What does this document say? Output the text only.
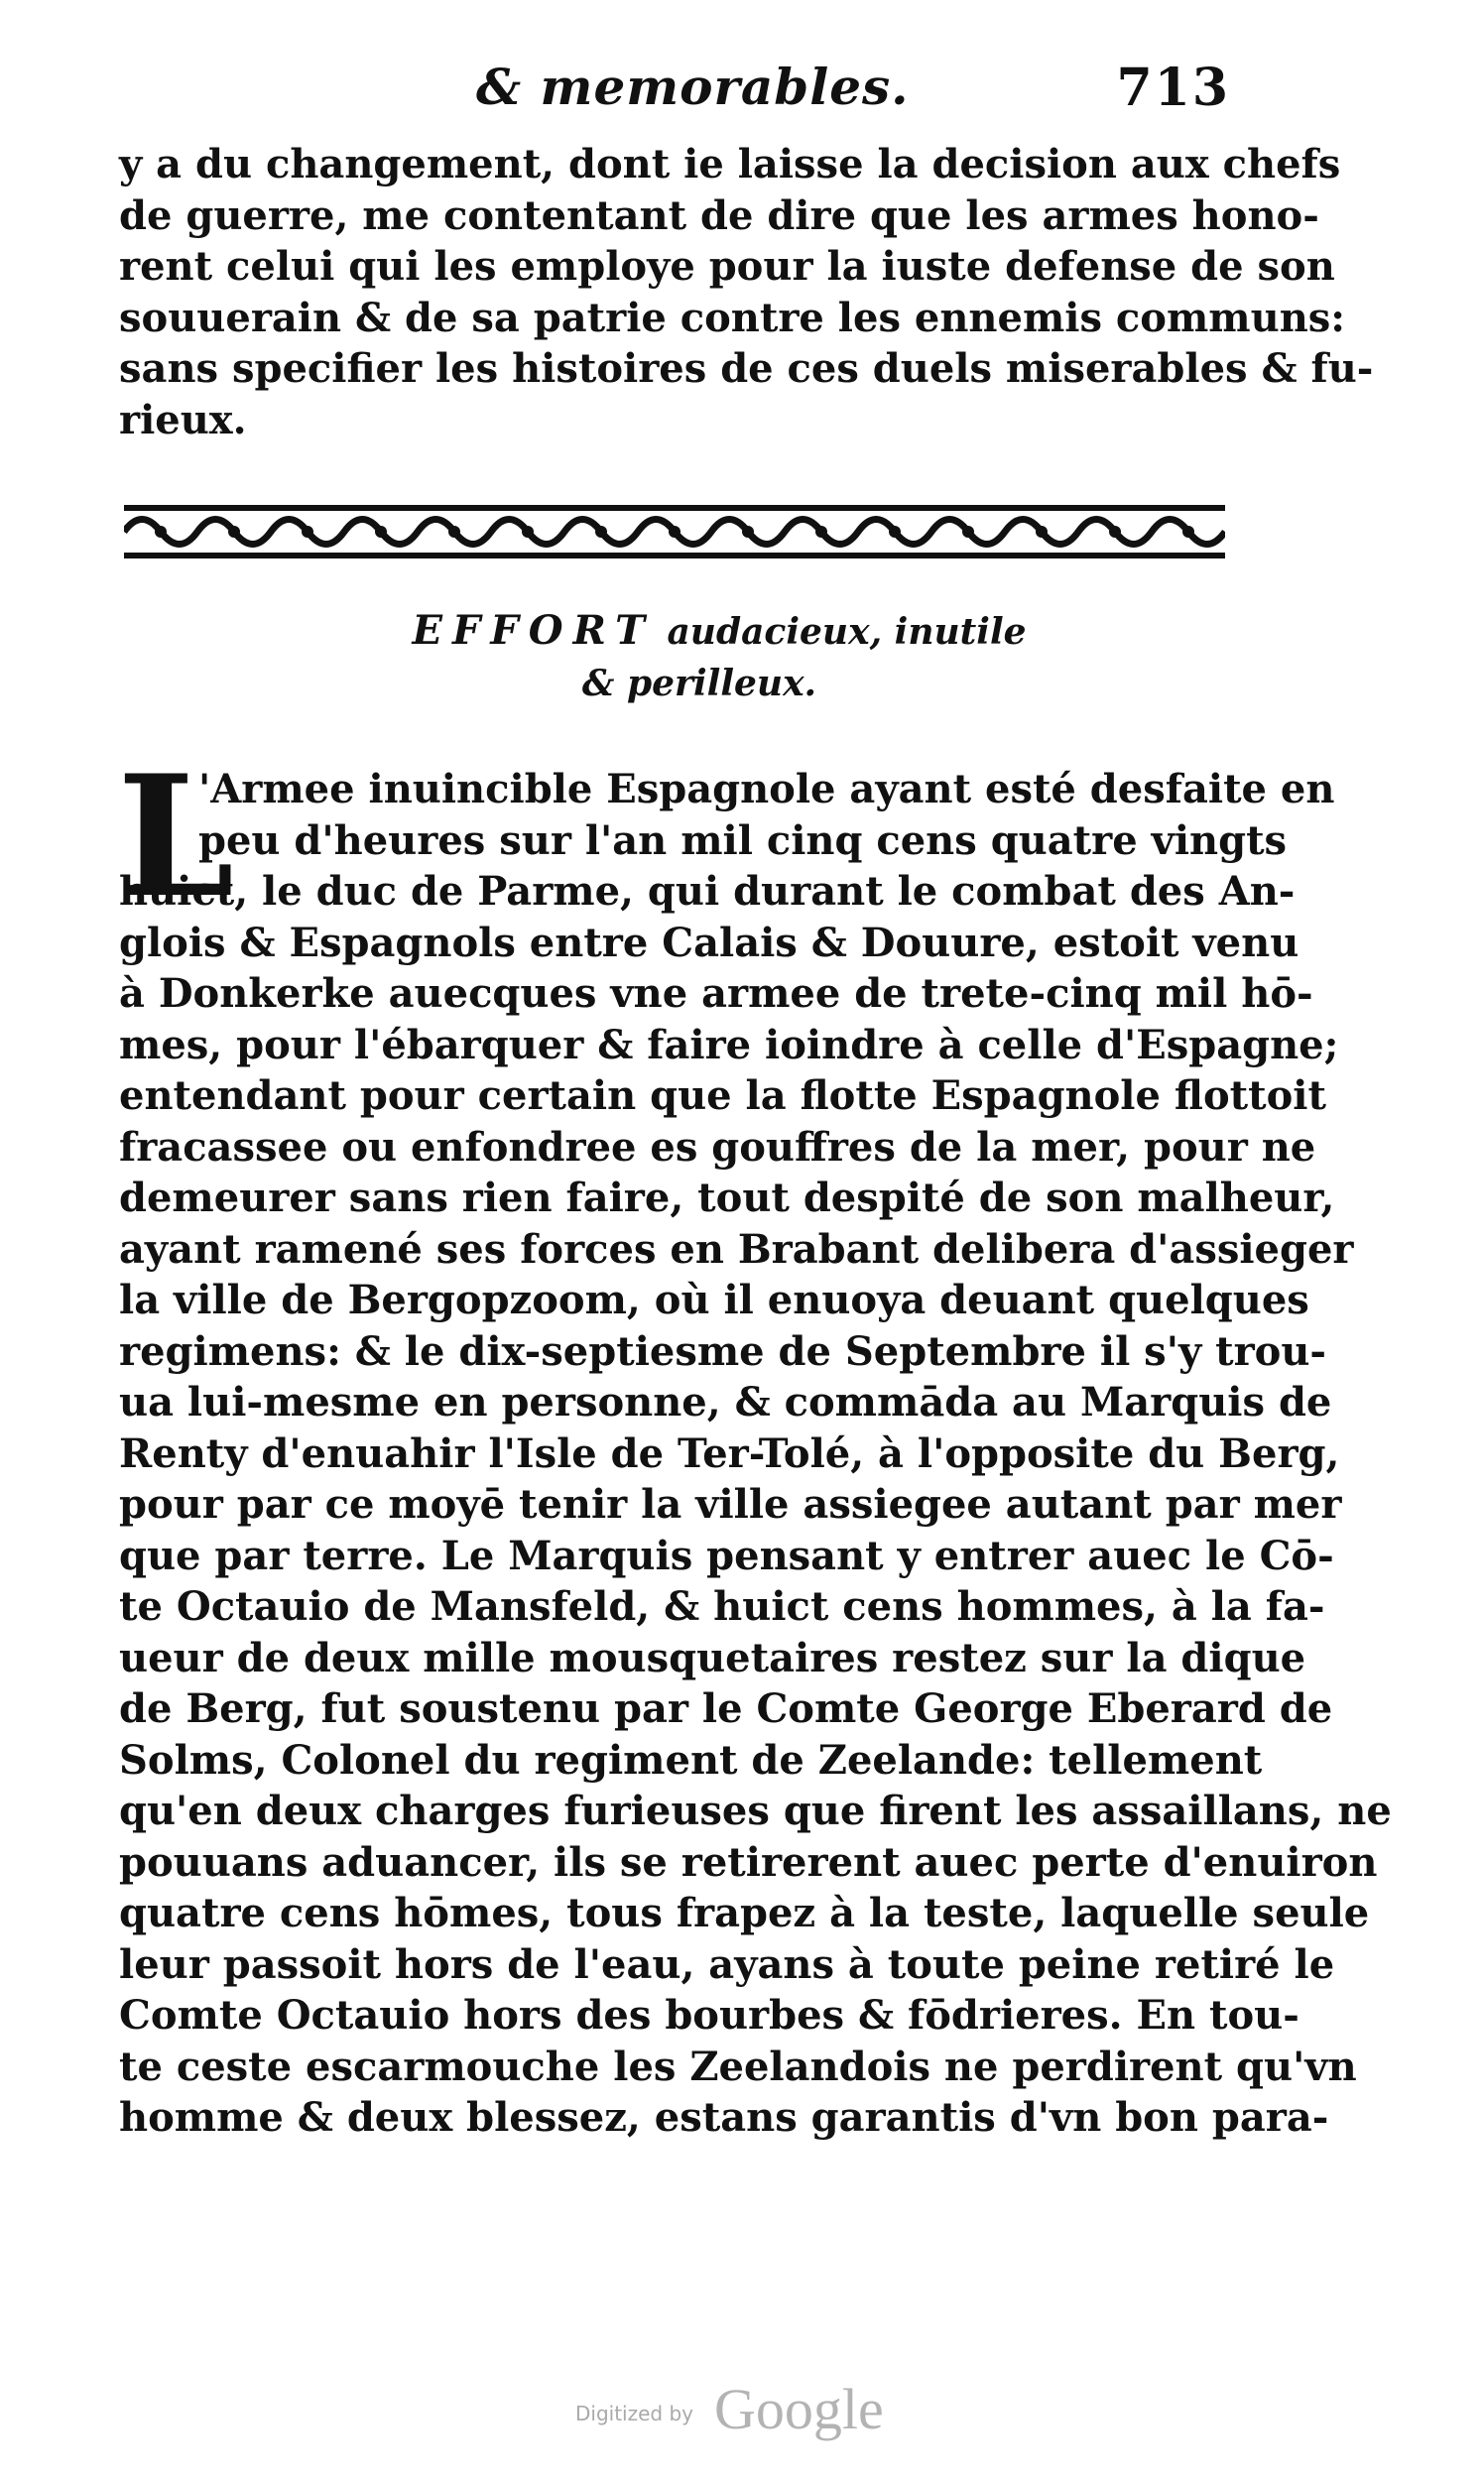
& memorables.	713
y a du changement, dont ie laisse la decision aux chefs
de guerre, me contentant de dire que les armes hono-
rent celui qui les employe pour la iuste defense de son
souuerain & de sa patrie contre les ennemis communs:
sans specifier les histoires de ces duels miserables & fu-
rieux.
EFFORT audacieux, inutile
& perilleux.
L
'Armee inuincible Espagnole ayant esté desfaite en
peu d'heures sur l'an mil cinq cens quatre vingts
huict, le duc de Parme, qui durant le combat des An-
glois & Espagnols entre Calais & Douure, estoit venu
à Donkerke auecques vne armee de trete-cinq mil hō-
mes, pour l'ébarquer & faire ioindre à celle d'Espagne;
entendant pour certain que la flotte Espagnole flottoit
fracassee ou enfondree es gouffres de la mer, pour ne
demeurer sans rien faire, tout despité de son malheur,
ayant ramené ses forces en Brabant delibera d'assieger
la ville de Bergopzoom, où il enuoya deuant quelques
regimens: & le dix-septiesme de Septembre il s'y trou-
ua lui-mesme en personne, & commāda au Marquis de
Renty d'enuahir l'Isle de Ter-Tolé, à l'opposite du Berg,
pour par ce moyē tenir la ville assiegee autant par mer
que par terre. Le Marquis pensant y entrer auec le Cō-
te Octauio de Mansfeld, & huict cens hommes, à la fa-
ueur de deux mille mousquetaires restez sur la dique
de Berg, fut soustenu par le Comte George Eberard de
Solms, Colonel du regiment de Zeelande: tellement
qu'en deux charges furieuses que firent les assaillans, ne
pouuans aduancer, ils se retirerent auec perte d'enuiron
quatre cens hōmes, tous frapez à la teste, laquelle seule
leur passoit hors de l'eau, ayans à toute peine retiré le
Comte Octauio hors des bourbes & fōdrieres. En tou-
te ceste escarmouche les Zeelandois ne perdirent qu'vn
homme & deux blessez, estans garantis d'vn bon para-
Digitized by Google
